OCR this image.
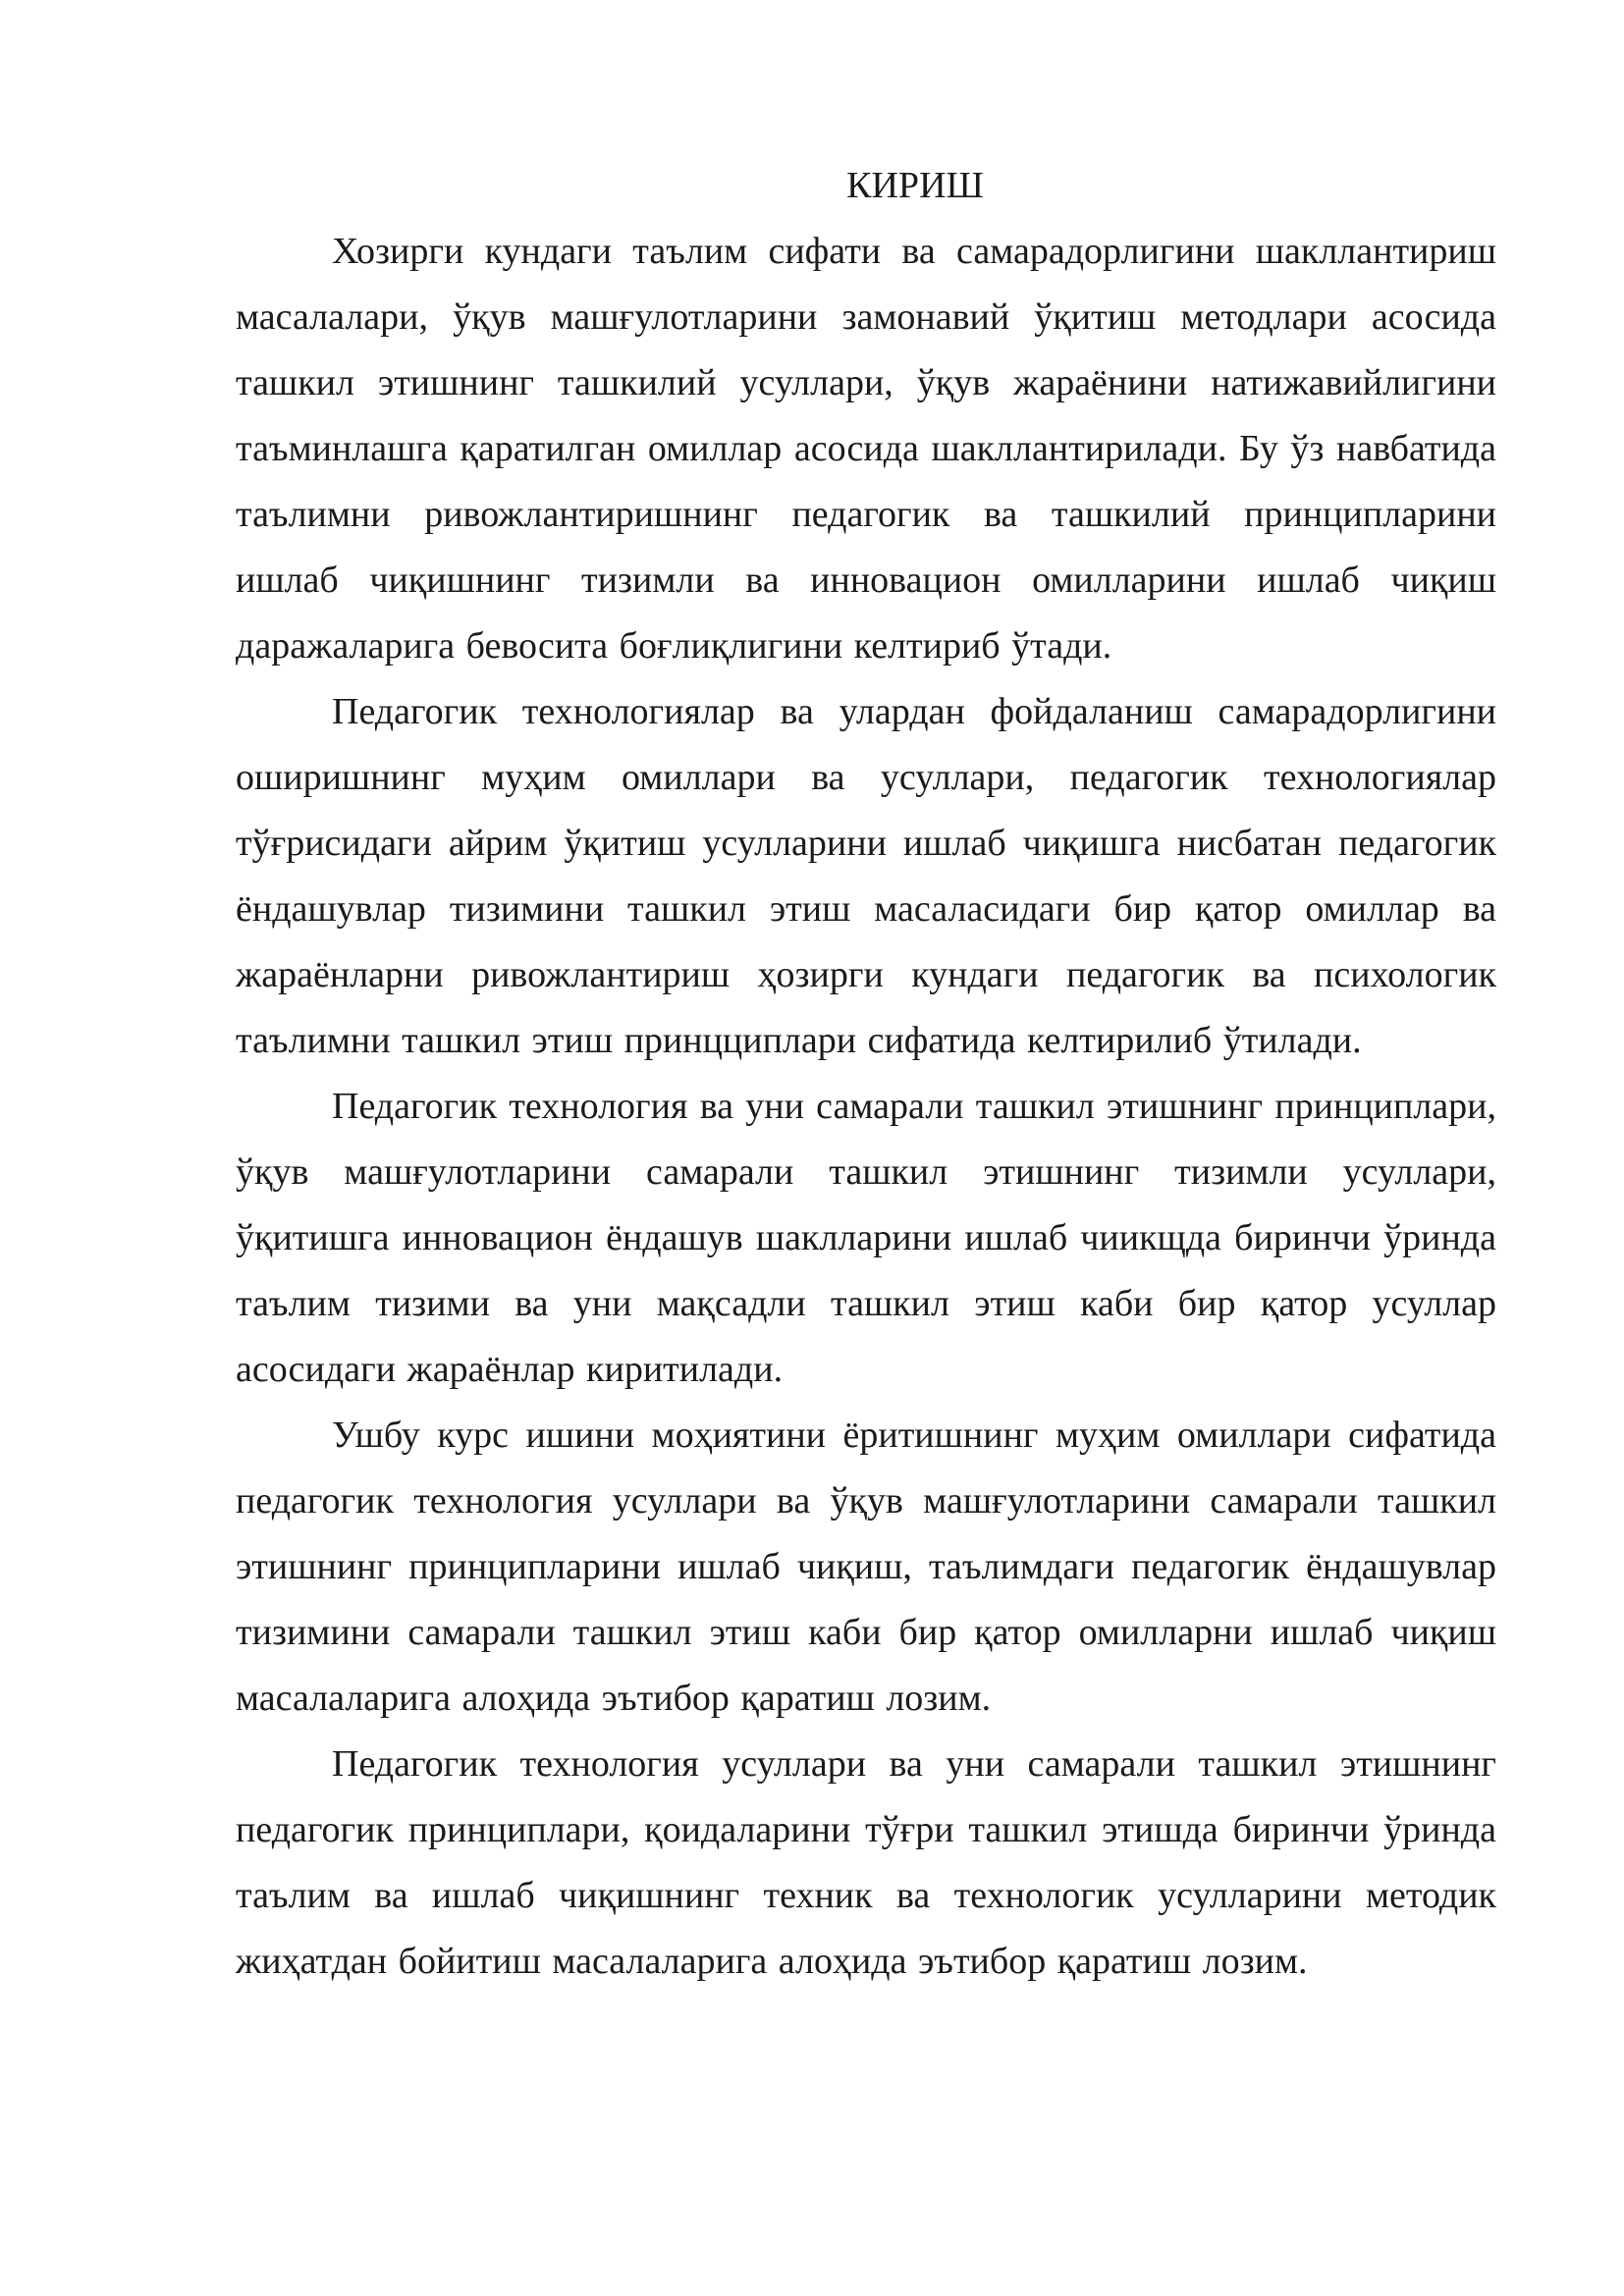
КИРИШ

Хозирги кундаги таълим сифати ва самарадорлигини шакллантириш масалалари, ўқув машғулотларини замонавий ўқитиш методлари асосида ташкил этишнинг ташкилий усуллари, ўқув жараёнини натижавийлигини таъминлашга қаратилган омиллар асосида шакллантирилади. Бу ўз навбатида таълимни ривожлантиришнинг педагогик ва ташкилий принципларини ишлаб чиқишнинг тизимли ва инновацион омилларини ишлаб чиқиш даражаларига бевосита боғлиқлигини келтириб ўтади.

Педагогик технологиялар ва улардан фойдаланиш самарадорлигини оширишнинг муҳим омиллари ва усуллари, педагогик технологиялар тўғрисидаги айрим ўқитиш усулларини ишлаб чиқишга нисбатан педагогик ёндашувлар тизимини ташкил этиш масаласидаги бир қатор омиллар ва жараёнларни ривожлантириш ҳозирги кундаги педагогик ва психологик таълимни ташкил этиш принцциплари сифатида келтирилиб ўтилади.

Педагогик технология ва уни самарали ташкил этишнинг принциплари, ўқув машғулотларини самарали ташкил этишнинг тизимли усуллари, ўқитишга инновацион ёндашув шаклларини ишлаб чиикщда биринчи ўринда таълим тизими ва уни мақсадли ташкил этиш каби бир қатор усуллар асосидаги жараёнлар киритилади.

Ушбу курс ишини моҳиятини ёритишнинг муҳим омиллари сифатида педагогик технология усуллари ва ўқув машғулотларини самарали ташкил этишнинг принципларини ишлаб чиқиш, таълимдаги педагогик ёндашувлар тизимини самарали ташкил этиш каби бир қатор омилларни ишлаб чиқиш масалаларига алоҳида эътибор қаратиш лозим.

Педагогик технология усуллари ва уни самарали ташкил этишнинг педагогик принциплари, қоидаларини тўғри ташкил этишда биринчи ўринда таълим ва ишлаб чиқишнинг техник ва технологик усулларини методик жиҳатдан бойитиш масалаларига алоҳида эътибор қаратиш лозим.
